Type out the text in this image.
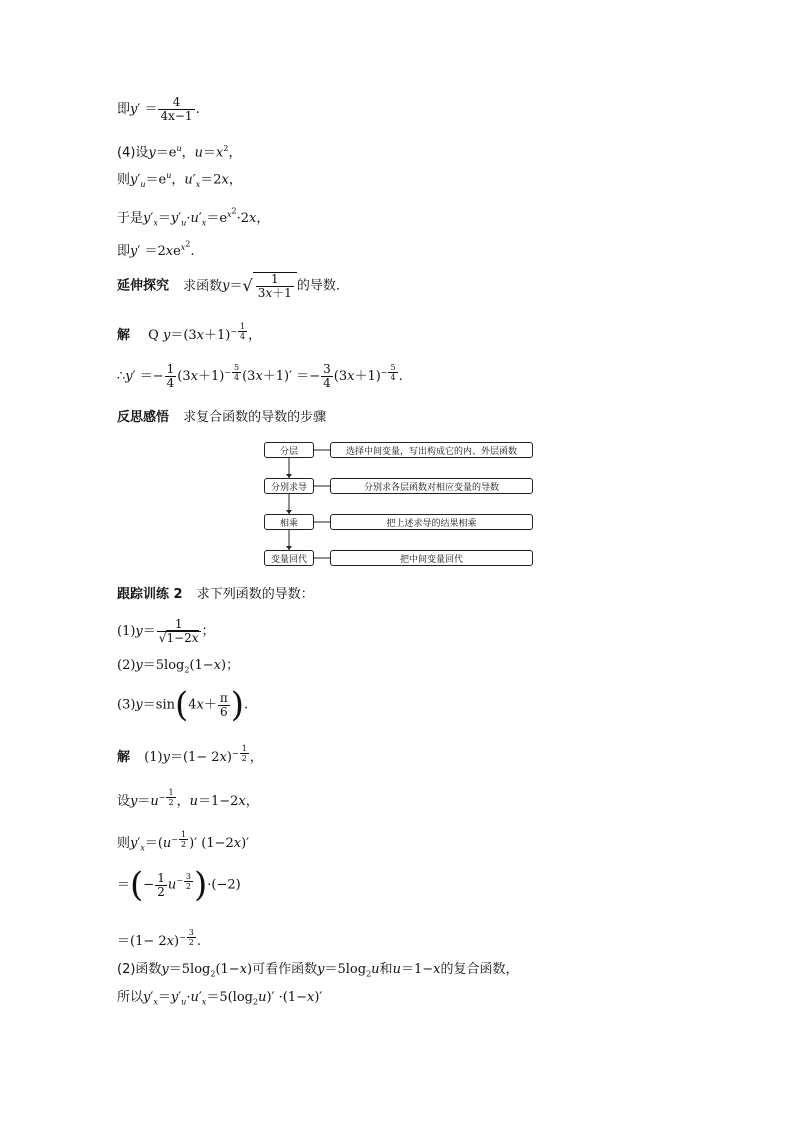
即$y' = \frac{4}{4x-1}$ .
(4)设$y=e^u$，$u=x^2$，
则$y'_u=e^u$，$u'_x=2x$，
于是$y'_x=y'_u\cdot u'_x=e^{x^2}\cdot 2x$，
即$y' =2xe^{x^2}$.
延伸探究 求函数$y=√ \frac{1}{3x+1}$ 的导数．
解 Q $y=(3x+1)^{- \frac{1}{4}}$ ，
∴y′ ＝− $\frac{1}{4} (3x+1)^{- \frac{5}{4}}$ $(3x+1)' =- \frac{3}{4} (3x+1)^{- \frac{5}{4}}$ .
反思感悟 求复合函数的导数的步骤
分层	选择中间变量，写出构成它的内、外层函数
分别求导	分别求各层函数对相应变量的导数
相乘	把上述求导的结果相乘
变量回代	把中间变量回代
跟踪训练 2 求下列函数的导数：
$(1)y= \frac{1}{√1-2x}$ ；
$(2)y=5\log_2(1-x)$；
$(3)y=\sin(4x+ \frac{\pi}{6}$ ).
解 $(1)y=(1- 2x)^{- \frac{1}{2}}$ ，
设$y=u^{- \frac{1}{2}}$ ，u＝1−2x，
则$y'_x=(u^{- \frac{1}{2}}$ )′ (1−2x)′
＝(− $\frac{1}{2} u^{- \frac{3}{2}}$ )·(−2)
$=(1- 2x)^{- \frac{3}{2}}$ .
(2)函数$y=5\log_2(1-x)$可看作函数$y=5\log_2u$和u＝1−x的复合函数，
所以$y'_x=y'_u\cdot u'_x=5(\log_2u)' \cdot(1-x)'$
